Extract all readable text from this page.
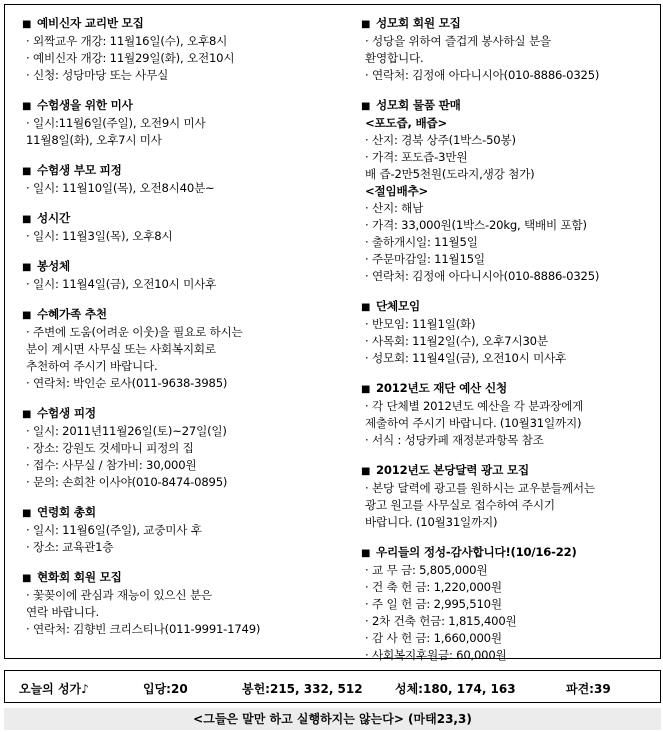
■ 예비신자 교리반 모집
· 외짝교우 개강: 11월16일(수), 오후8시
· 예비신자 개강: 11월29일(화), 오전10시
· 신청: 성당마당 또는 사무실
■ 수험생을 위한 미사
· 일시:11월6일(주일), 오전9시 미사
11월8일(화), 오후7시 미사
■ 수험생 부모 피정
· 일시: 11월10일(목), 오전8시40분~
■ 성시간
· 일시: 11월3일(목), 오후8시
■ 봉성체
· 일시: 11월4일(금), 오전10시 미사후
■ 수혜가족 추천
· 주변에 도움(어려운 이웃)을 필요로 하시는
분이 계시면 사무실 또는 사회복지회로
추천하여 주시기 바랍니다.
· 연락처: 박인순 로사(011-9638-3985)
■ 수험생 피정
· 일시: 2011년11월26일(토)~27일(일)
· 장소: 강원도 것세마니 피정의 집
· 접수: 사무실 / 참가비: 30,000원
· 문의: 손희찬 이사야(010-8474-0895)
■ 연령회 총회
· 일시: 11월6일(주일), 교중미사 후
· 장소: 교육관1층
■ 현화회 회원 모집
· 꽃꽂이에 관심과 재능이 있으신 분은
연락 바랍니다.
· 연락처: 김향빈 크리스티나(011-9991-1749)
■ 성모회 회원 모집
· 성당을 위하여 즐겁게 봉사하실 분을
환영합니다.
· 연락처: 김정애 아다니시아(010-8886-0325)
■ 성모회 물품 판매
<포도즙, 배즙>
· 산지: 경북 상주(1박스-50봉)
· 가격: 포도즙-3만원
배 즙-2만5천원(도라지,생강 첨가)
<절임배추>
· 산지: 해남
· 가격: 33,000원(1박스-20kg, 택배비 포함)
· 출하개시일: 11월5일
· 주문마감일: 11월15일
· 연락처: 김정애 아다니시아(010-8886-0325)
■ 단체모임
· 반모임: 11월1일(화)
· 사목회: 11월2일(수), 오후7시30분
· 성모회: 11월4일(금), 오전10시 미사후
■ 2012년도 재단 예산 신청
· 각 단체별 2012년도 예산을 각 분과장에게
제출하여 주시기 바랍니다. (10월31일까지)
· 서식 : 성당카페 재정분과항목 참조
■ 2012년도 본당달력 광고 모집
· 본당 달력에 광고를 원하시는 교우분들께서는
광고 원고를 사무실로 접수하여 주시기
바랍니다. (10월31일까지)
■ 우리들의 정성-감사합니다!(10/16-22)
· 교 무 금: 5,805,000원
· 건 축 헌 금: 1,220,000원
· 주 일 헌 금: 2,995,510원
· 2차 건축 헌금: 1,815,400원
· 감 사 헌 금: 1,660,000원
· 사회복지후원금: 60,000원
오늘의 성가♪	입당:20	봉헌:215, 332, 512	성체:180, 174, 163	파견:39
<그들은 말만 하고 실행하지는 않는다> (마태23,3)
